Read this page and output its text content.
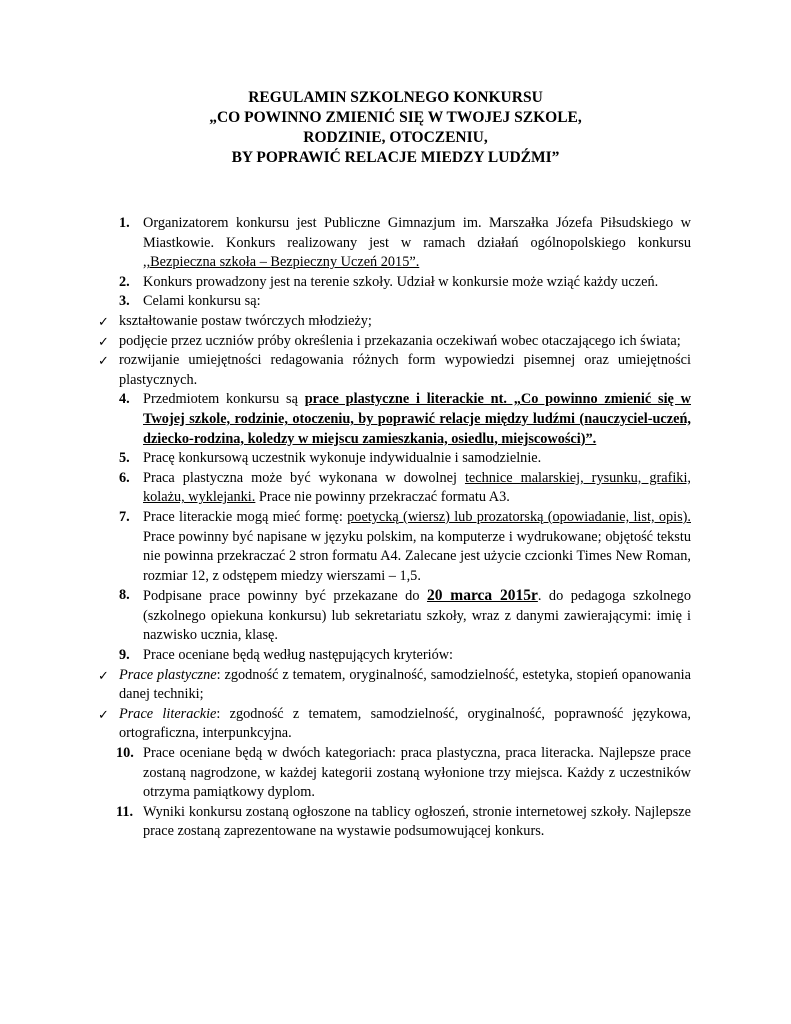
REGULAMIN SZKOLNEGO KONKURSU
„CO POWINNO ZMIENIĆ SIĘ W TWOJEJ SZKOLE,
RODZINIE, OTOCZENIU,
BY POPRAWIĆ RELACJE MIEDZY LUDŹMI”
1. Organizatorem konkursu jest Publiczne Gimnazjum im. Marszałka Józefa Piłsudskiego w Miastkowie. Konkurs realizowany jest w ramach działań ogólnopolskiego konkursu ,,Bezpieczna szkoła – Bezpieczny Uczeń 2015”.
2. Konkurs prowadzony jest na terenie szkoły. Udział w konkursie może wziąć każdy uczeń.
3. Celami konkursu są:
✓ kształtowanie postaw twórczych młodzieży;
✓ podjęcie przez uczniów próby określenia i przekazania oczekiwań wobec otaczającego ich świata;
✓ rozwijanie umiejętności redagowania różnych form wypowiedzi pisemnej oraz umiejętności plastycznych.
4. Przedmiotem konkursu są prace plastyczne i literackie nt. „Co powinno zmienić się w Twojej szkole, rodzinie, otoczeniu, by poprawić relacje między ludźmi (nauczyciel-uczeń, dziecko-rodzina, koledzy w miejscu zamieszkania, osiedlu, miejscowości)”.
5. Pracę konkursową uczestnik wykonuje indywidualnie i samodzielnie.
6. Praca plastyczna może być wykonana w dowolnej technice malarskiej, rysunku, grafiki, kolażu, wyklejanki. Prace nie powinny przekraczać formatu A3.
7. Prace literackie mogą mieć formę: poetycką (wiersz) lub prozatorską (opowiadanie, list, opis). Prace powinny być napisane w języku polskim, na komputerze i wydrukowane; objętość tekstu nie powinna przekraczać 2 stron formatu A4. Zalecane jest użycie czcionki Times New Roman, rozmiar 12, z odstępem miedzy wierszami – 1,5.
8. Podpisane prace powinny być przekazane do 20 marca 2015r. do pedagoga szkolnego (szkolnego opiekuna konkursu) lub sekretariatu szkoły, wraz z danymi zawierającymi: imię i nazwisko ucznia, klasę.
9. Prace oceniane będą według następujących kryteriów:
✓ Prace plastyczne: zgodność z tematem, oryginalność, samodzielność, estetyka, stopień opanowania danej techniki;
✓ Prace literackie: zgodność z tematem, samodzielność, oryginalność, poprawność językowa, ortograficzna, interpunkcyjna.
10. Prace oceniane będą w dwóch kategoriach: praca plastyczna, praca literacka. Najlepsze prace zostaną nagrodzone, w każdej kategorii zostaną wyłonione trzy miejsca. Każdy z uczestników otrzyma pamiątkowy dyplom.
11. Wyniki konkursu zostaną ogłoszone na tablicy ogłoszeń, stronie internetowej szkoły. Najlepsze prace zostaną zaprezentowane na wystawie podsumowującej konkurs.
